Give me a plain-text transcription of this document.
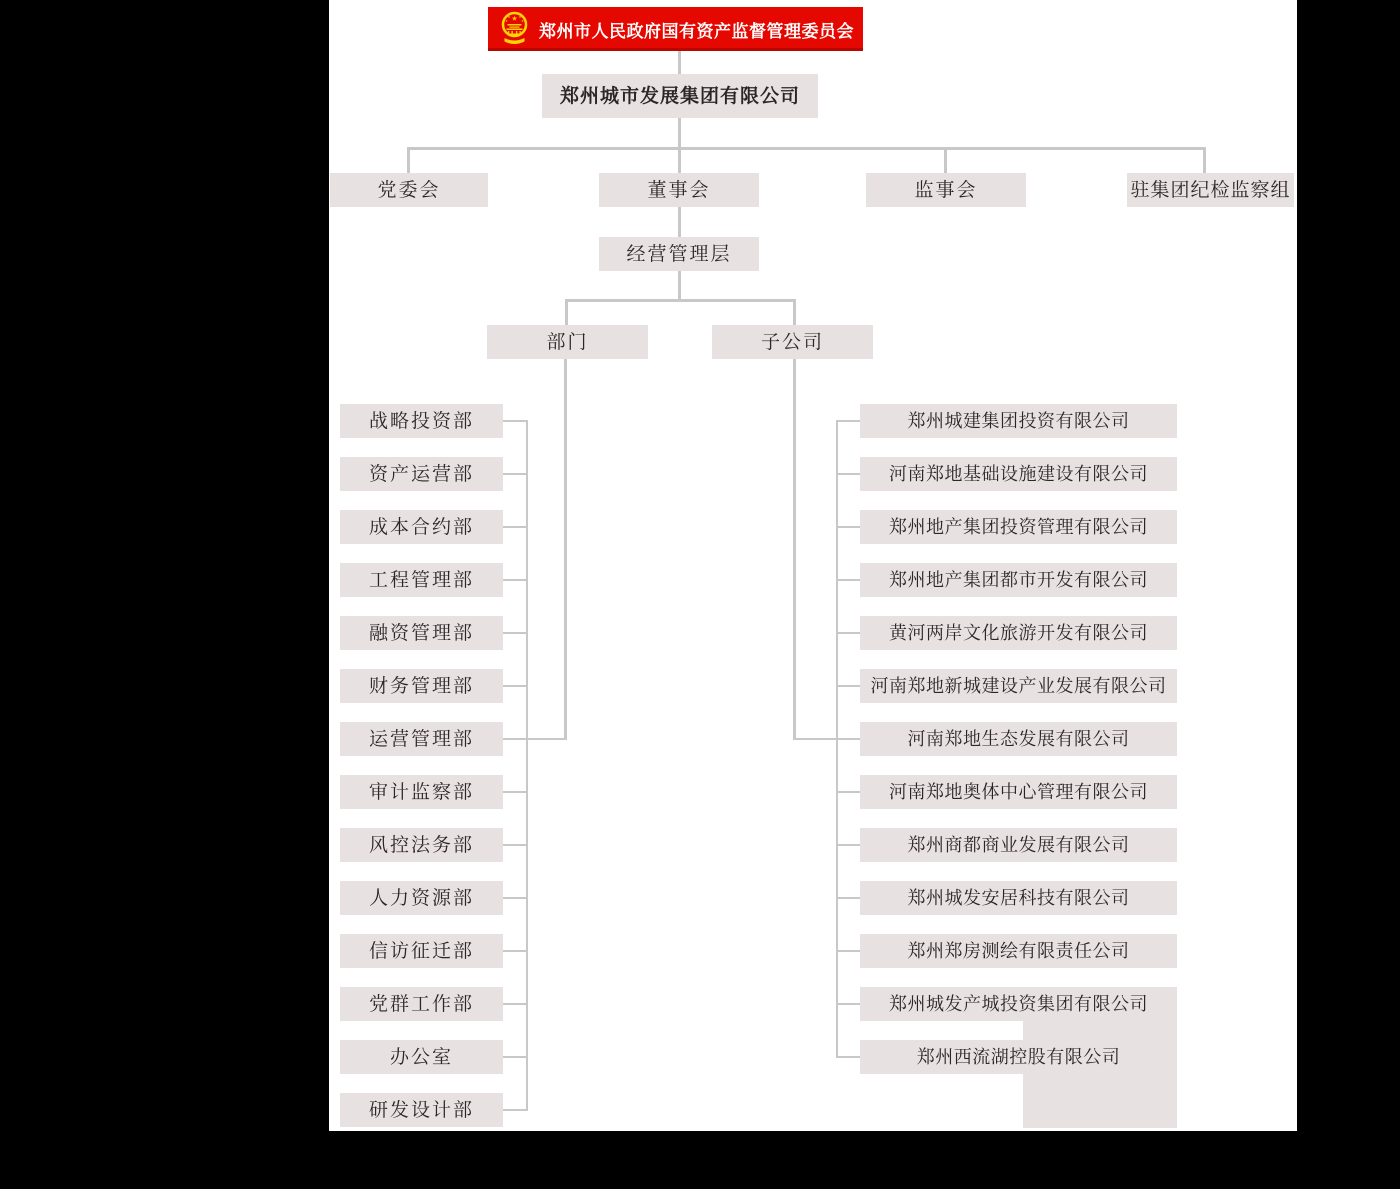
郑州市人民政府国有资产监督管理委员会
郑州城市发展集团有限公司
党委会	董事会	监事会	驻集团纪检监察组
经营管理层
部门	子公司
战略投资部
资产运营部
成本合约部
工程管理部
融资管理部
财务管理部
运营管理部
审计监察部
风控法务部
人力资源部
信访征迁部
党群工作部
办公室
研发设计部
郑州城建集团投资有限公司
河南郑地基础设施建设有限公司
郑州地产集团投资管理有限公司
郑州地产集团都市开发有限公司
黄河两岸文化旅游开发有限公司
河南郑地新城建设产业发展有限公司
河南郑地生态发展有限公司
河南郑地奥体中心管理有限公司
郑州商都商业发展有限公司
郑州城发安居科技有限公司
郑州郑房测绘有限责任公司
郑州城发产城投资集团有限公司
郑州西流湖控股有限公司
